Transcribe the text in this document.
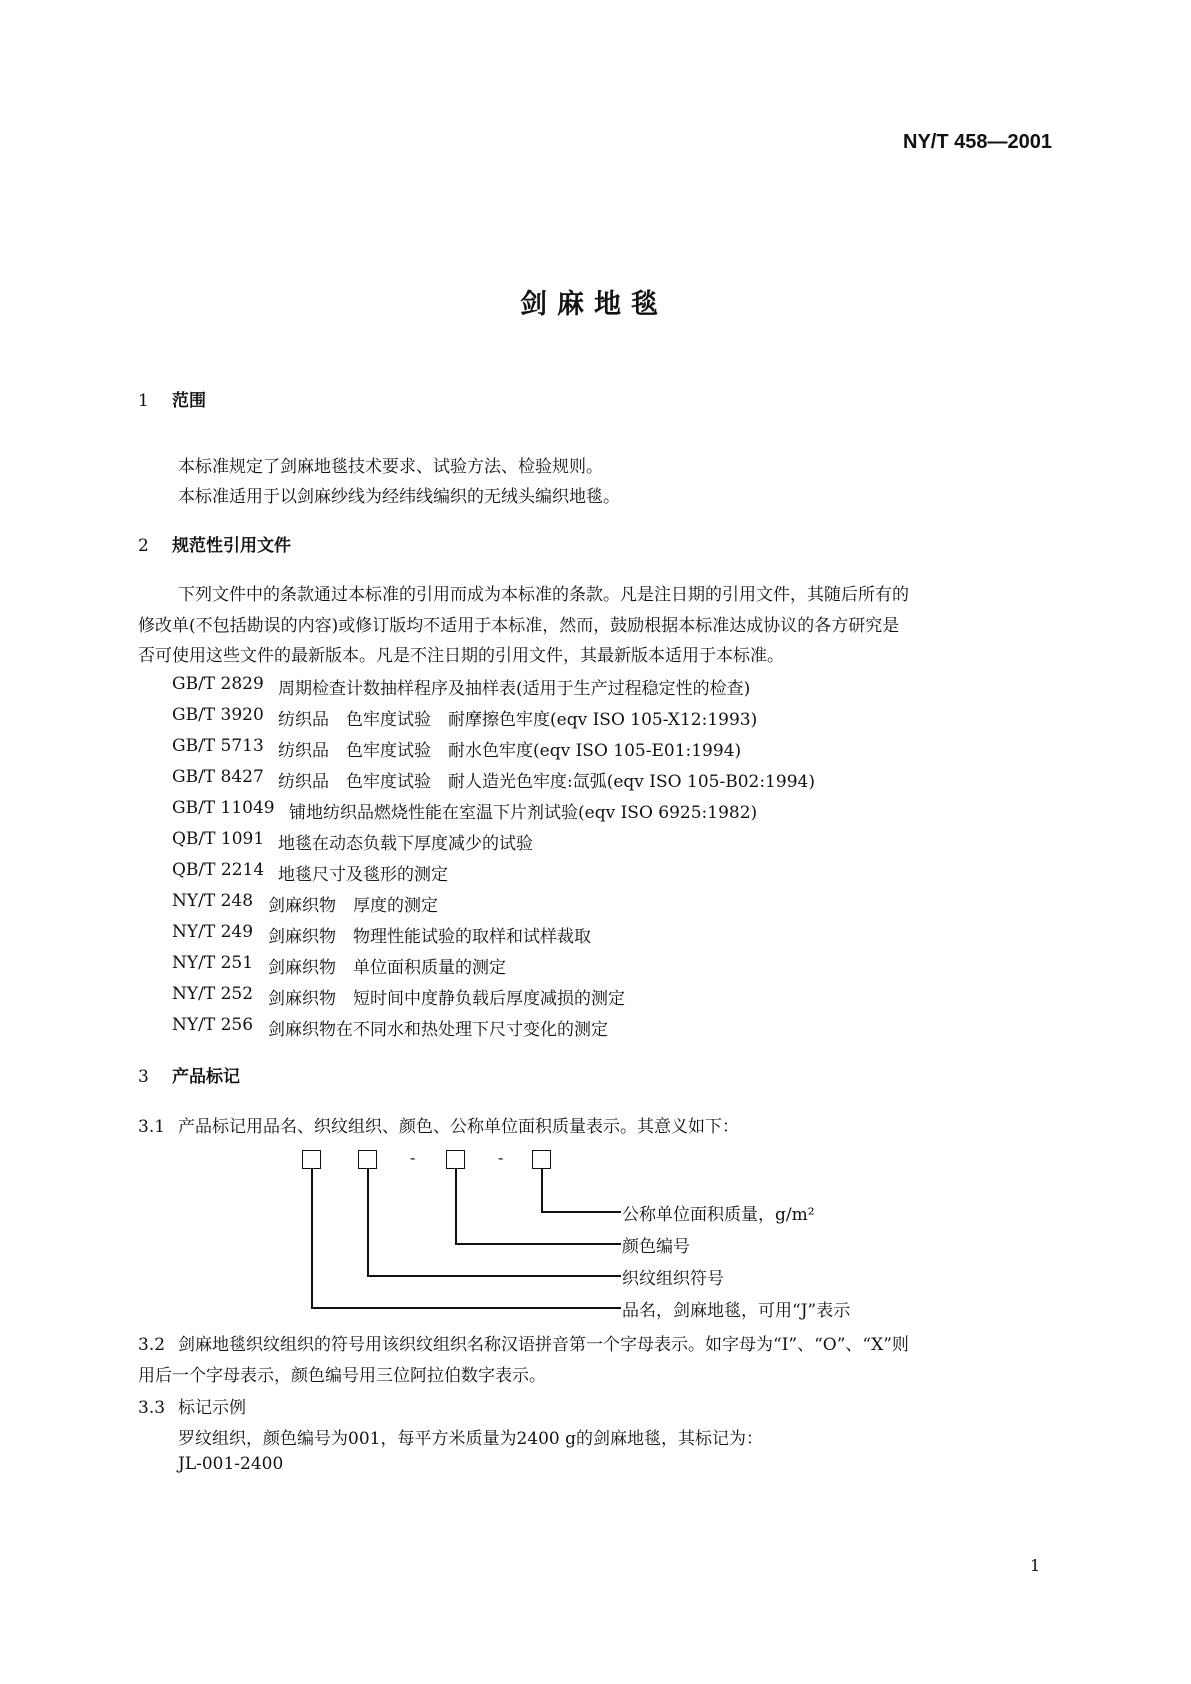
NY/T 458—2001
剑麻地毯
1 范围
本标准规定了剑麻地毯技术要求、试验方法、检验规则。
本标准适用于以剑麻纱线为经纬线编织的无绒头编织地毯。
2 规范性引用文件
下列文件中的条款通过本标准的引用而成为本标准的条款。凡是注日期的引用文件，其随后所有的
修改单(不包括勘误的内容)或修订版均不适用于本标准，然而，鼓励根据本标准达成协议的各方研究是
否可使用这些文件的最新版本。凡是不注日期的引用文件，其最新版本适用于本标准。
GB/T 2829 周期检查计数抽样程序及抽样表(适用于生产过程稳定性的检查)
GB/T 3920 纺织品　色牢度试验　耐摩擦色牢度(eqv ISO 105-X12:1993)
GB/T 5713 纺织品　色牢度试验　耐水色牢度(eqv ISO 105-E01:1994)
GB/T 8427 纺织品　色牢度试验　耐人造光色牢度:氙弧(eqv ISO 105-B02:1994)
GB/T 11049 铺地纺织品燃烧性能在室温下片剂试验(eqv ISO 6925:1982)
QB/T 1091 地毯在动态负载下厚度减少的试验
QB/T 2214 地毯尺寸及毯形的测定
NY/T 248 剑麻织物　厚度的测定
NY/T 249 剑麻织物　物理性能试验的取样和试样裁取
NY/T 251 剑麻织物　单位面积质量的测定
NY/T 252 剑麻织物　短时间中度静负载后厚度减损的测定
NY/T 256 剑麻织物在不同水和热处理下尺寸变化的测定
3 产品标记
3.1 产品标记用品名、织纹组织、颜色、公称单位面积质量表示。其意义如下：
-	-
公称单位面积质量，g/m²
颜色编号
织纹组织符号
品名，剑麻地毯，可用“J”表示
3.2 剑麻地毯织纹组织的符号用该织纹组织名称汉语拼音第一个字母表示。如字母为“I”、“O”、“X”则
用后一个字母表示，颜色编号用三位阿拉伯数字表示。
3.3 标记示例
罗纹组织，颜色编号为001，每平方米质量为2400 g的剑麻地毯，其标记为：
JL-001-2400
1
